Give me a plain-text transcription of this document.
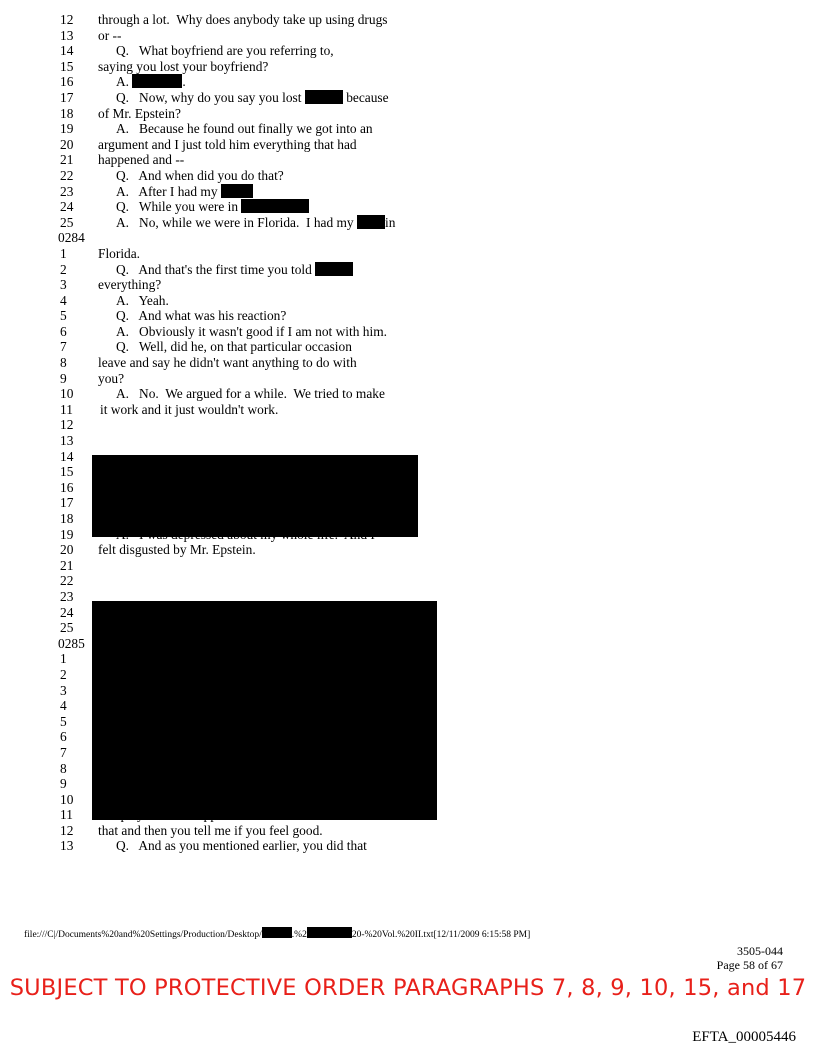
12	through a lot.  Why does anybody take up using drugs
13	or --
14	Q.   What boyfriend are you referring to,
15	saying you lost your boyfriend?
16	A.	.
17	Q.   Now, why do you say you lost	because
18	of Mr. Epstein?
19	A.   Because he found out finally we got into an
20	argument and I just told him everything that had
21	happened and --
22	Q.   And when did you do that?
23	A.   After I had my
24	Q.   While you were in
25	A.   No, while we were in Florida.  I had my in
0284
1	Florida.
2	Q.   And that's the first time you told
3	everything?
4	A.   Yeah.
5	Q.   And what was his reaction?
6	A.   Obviously it wasn't good if I am not with him.
7	Q.   Well, did he, on that particular occasion
8	leave and say he didn't want anything to do with
9	you?
10	A.   No.  We argued for a while.  We tried to make
11	it work and it just wouldn't work.
12
13
14
15
16
17
18

19
20	felt disgusted by Mr. Epstein.
21
22
23
24
25
0285
1
2
3
4
5
6
7
8
9
10
11
12	that and then you tell me if you feel good.
13	Q.   And as you mentioned earlier, you did that
file:///C|/Documents%20and%20Settings/Production/Desktop/	.%2	20-%20Vol.%20II.txt[12/11/2009 6:15:58 PM]
3505-044
Page 58 of 67
SUBJECT TO PROTECTIVE ORDER PARAGRAPHS 7, 8, 9, 10, 15, and 17
EFTA_00005446
